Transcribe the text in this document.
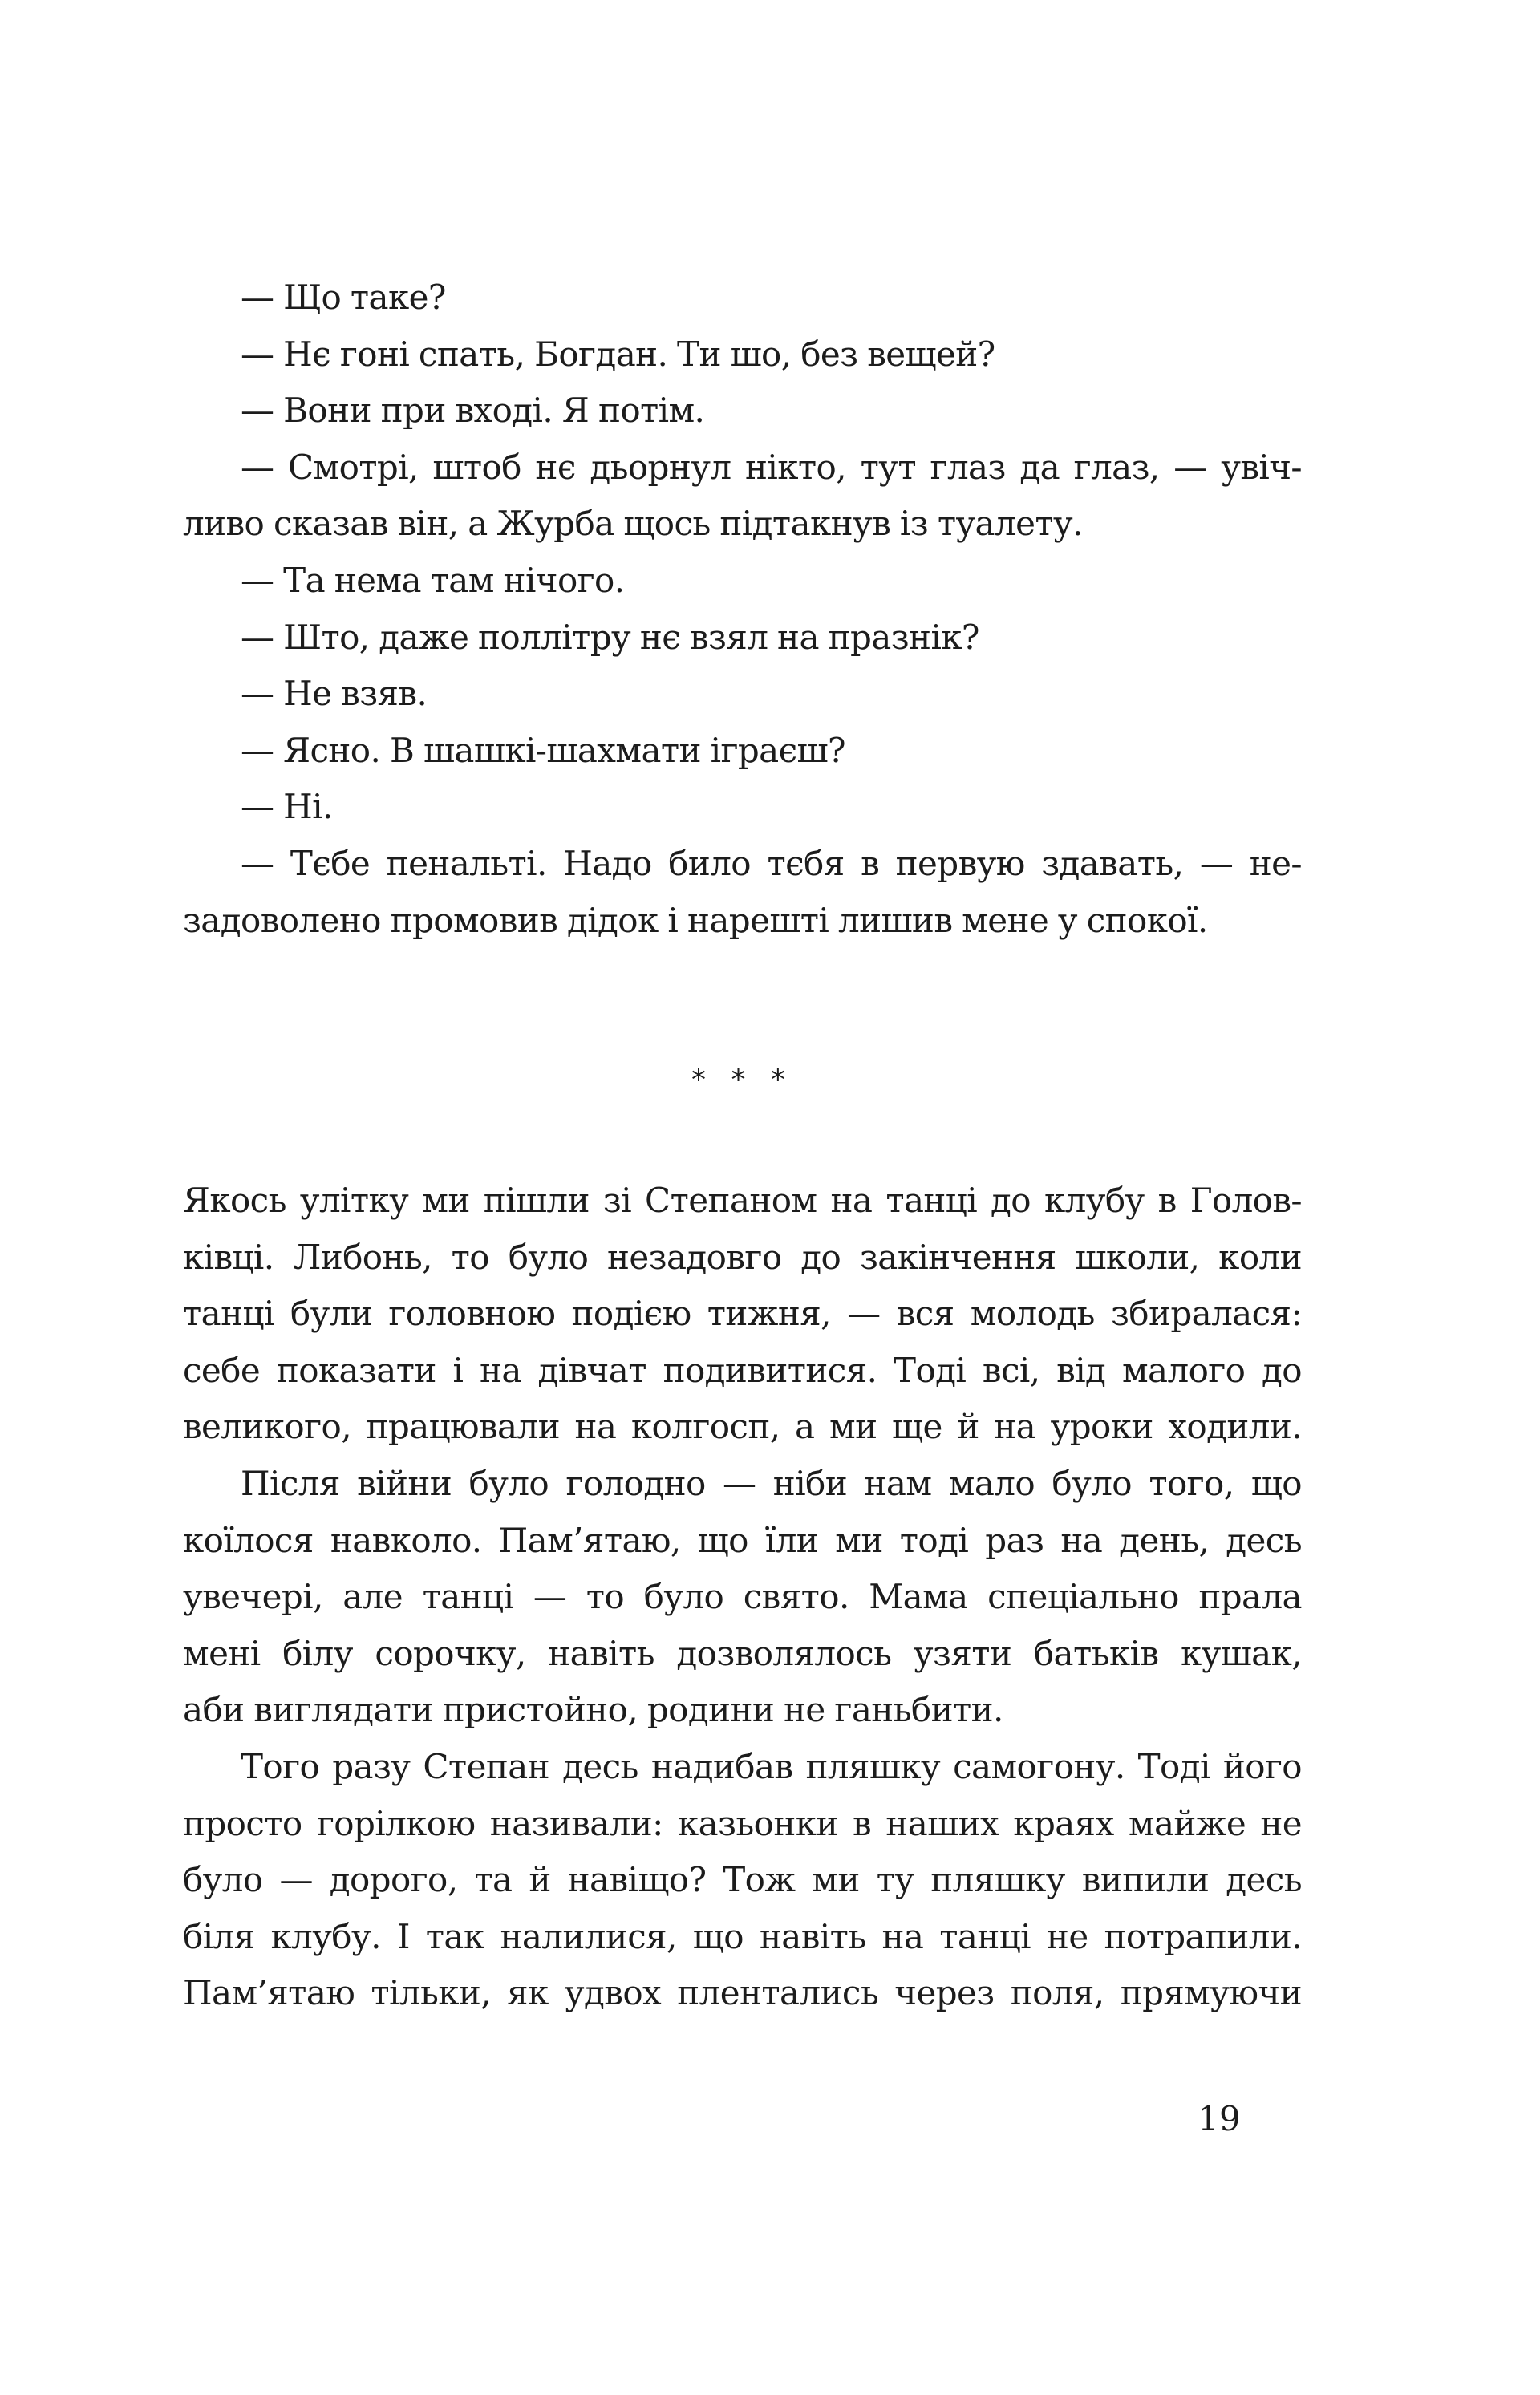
— Що таке?
— Нє гоні спать, Богдан. Ти шо, без вещей?
— Вони при вході. Я потім.
— Смотрі, штоб нє дьорнул нікто, тут глаз да глаз, — увіч-
ливо сказав він, а Журба щось підтакнув із туалету.
— Та нема там нічого.
— Што, даже поллітру нє взял на празнік?
— Не взяв.
— Ясно. В шашкі-шахмати іграєш?
— Ні.
— Тєбе пенальті. Надо било тєбя в первую здавать, — не-
задоволено промовив дідок і нарешті лишив мене у спокої.
* * *
Якось улітку ми пішли зі Степаном на танці до клубу в Голов-
ківці. Либонь, то було незадовго до закінчення школи, коли
танці були головною подією тижня, — вся молодь збиралася:
себе показати і на дівчат подивитися. Тоді всі, від малого до
великого, працювали на колгосп, а ми ще й на уроки ходили.
Після війни було голодно — ніби нам мало було того, що
коїлося навколо. Пам’ятаю, що їли ми тоді раз на день, десь
увечері, але танці — то було свято. Мама спеціально прала
мені білу сорочку, навіть дозволялось узяти батьків кушак,
аби виглядати пристойно, родини не ганьбити.
Того разу Степан десь надибав пляшку самогону. Тоді його
просто горілкою називали: казьонки в наших краях майже не
було — дорого, та й навіщо? Тож ми ту пляшку випили десь
біля клубу. І так налилися, що навіть на танці не потрапили.
Пам’ятаю тільки, як удвох плентались через поля, прямуючи
19
